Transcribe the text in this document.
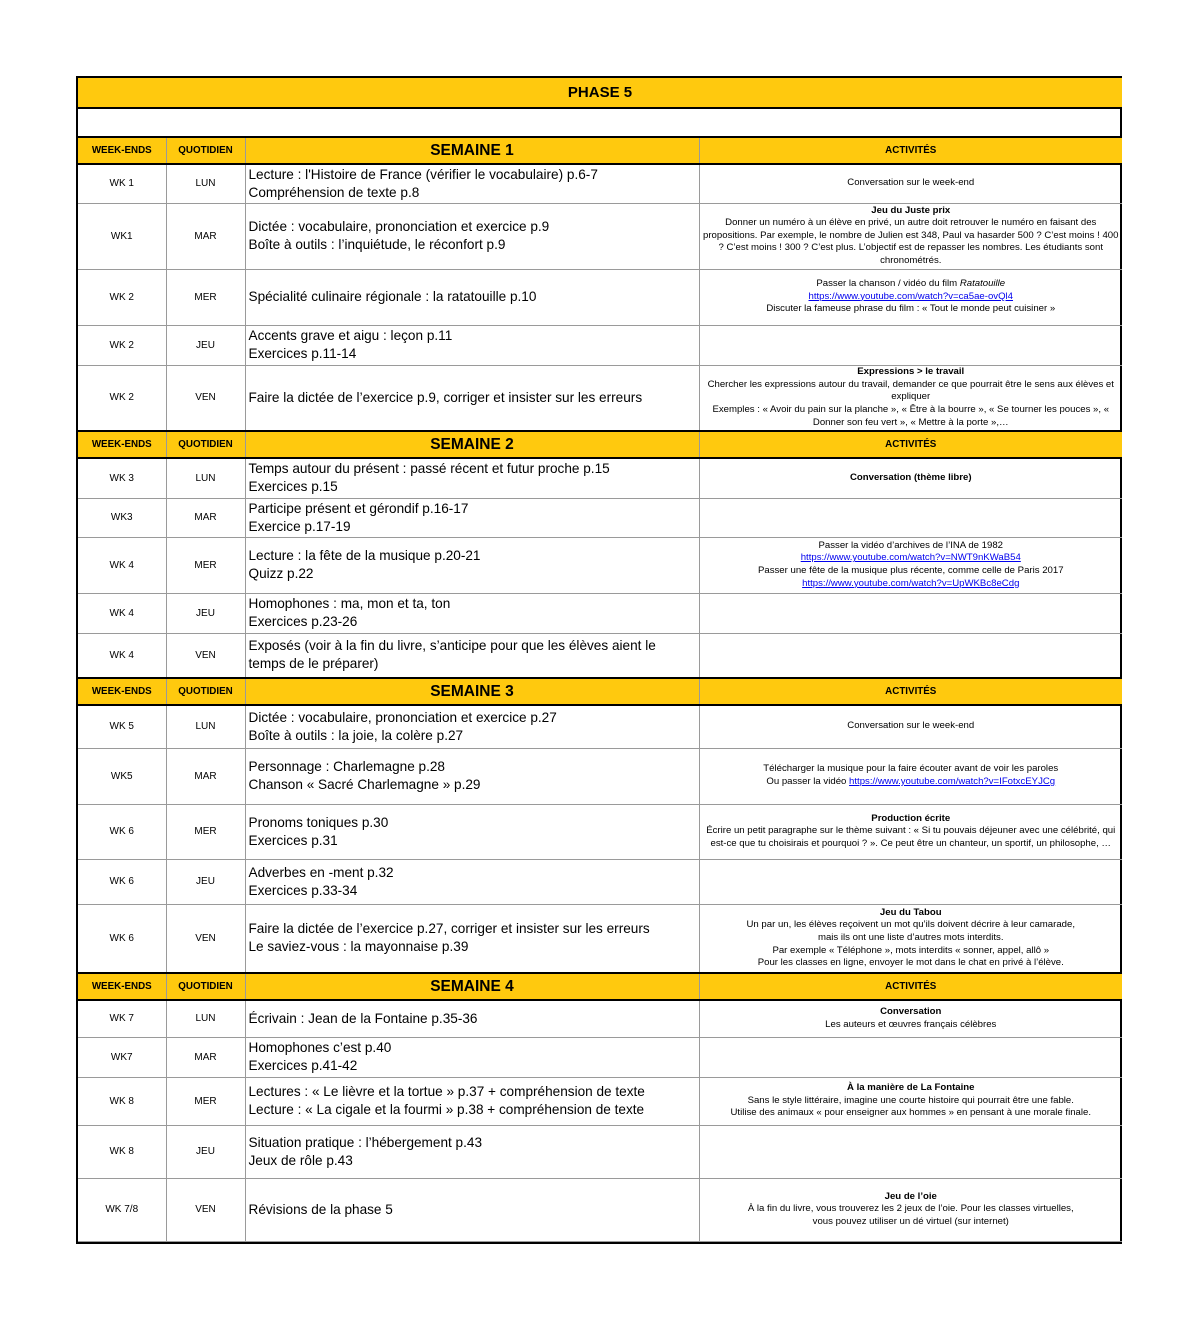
PHASE 5			

WEEK-ENDS	QUOTIDIEN	SEMAINE 1	ACTIVITÉS
WK 1	LUN	Lecture : l'Histoire de France (vérifier le vocabulaire) p.6-7
Compréhension de texte p.8	Conversation sur le week-end

WK1	MAR	Dictée : vocabulaire, prononciation et exercice p.9
Boîte à outils : l’inquiétude, le réconfort p.9	Jeu du Juste prix
Donner un numéro à un élève en privé, un autre doit retrouver le numéro en faisant des propositions. Par exemple, le nombre de Julien est 348, Paul va hasarder 500 ? C’est moins ! 400 ? C’est moins ! 300 ? C’est plus. L’objectif est de repasser les nombres. Les étudiants sont chronométrés.

WK 2	MER	Spécialité culinaire régionale : la ratatouille p.10	Passer la chanson / vidéo du film Ratatouille
https://www.youtube.com/watch?v=ca5ae-ovQl4
Discuter la fameuse phrase du film : « Tout le monde peut cuisiner »

WK 2	JEU	Accents grave et aigu : leçon p.11
Exercices p.11-14	

WK 2	VEN	Faire la dictée de l’exercice p.9, corriger et insister sur les erreurs	Expressions > le travail
Chercher les expressions autour du travail, demander ce que pourrait être le sens aux élèves et expliquer
Exemples : « Avoir du pain sur la planche », « Être à la bourre », « Se tourner les pouces », « Donner son feu vert », « Mettre à la porte »,…

WEEK-ENDS	QUOTIDIEN	SEMAINE 2	ACTIVITÉS
WK 3	LUN	Temps autour du présent : passé récent et futur proche p.15
Exercices p.15	Conversation (thème libre)

WK3	MAR	Participe présent et gérondif p.16-17
Exercice p.17-19	

WK 4	MER	Lecture : la fête de la musique p.20-21
Quizz p.22	Passer la vidéo d’archives de l’INA de 1982
https://www.youtube.com/watch?v=NWT9nKWaB54
Passer une fête de la musique plus récente, comme celle de Paris 2017
https://www.youtube.com/watch?v=UpWKBc8eCdg

WK 4	JEU	Homophones : ma, mon et ta, ton
Exercices p.23-26	

WK 4	VEN	Exposés (voir à la fin du livre, s’anticipe pour que les élèves aient le temps de le préparer)	

WEEK-ENDS	QUOTIDIEN	SEMAINE 3	ACTIVITÉS
WK 5	LUN	Dictée : vocabulaire, prononciation et exercice p.27
Boîte à outils : la joie, la colère p.27	Conversation sur le week-end

WK5	MAR	Personnage : Charlemagne p.28
Chanson « Sacré Charlemagne » p.29	Télécharger la musique pour la faire écouter avant de voir les paroles
Ou passer la vidéo https://www.youtube.com/watch?v=IFotxcEYJCg

WK 6	MER	Pronoms toniques p.30
Exercices p.31	Production écrite
Écrire un petit paragraphe sur le thème suivant : « Si tu pouvais déjeuner avec une célébrité, qui est-ce que tu choisirais et pourquoi ? ». Ce peut être un chanteur, un sportif, un philosophe, …

WK 6	JEU	Adverbes en -ment p.32
Exercices p.33-34	

WK 6	VEN	Faire la dictée de l’exercice p.27, corriger et insister sur les erreurs
Le saviez-vous : la mayonnaise p.39	Jeu du Tabou
Un par un, les élèves reçoivent un mot qu’ils doivent décrire à leur camarade,
mais ils ont une liste d’autres mots interdits.
Par exemple « Téléphone », mots interdits « sonner, appel, allô »
Pour les classes en ligne, envoyer le mot dans le chat en privé à l’élève.

WEEK-ENDS	QUOTIDIEN	SEMAINE 4	ACTIVITÉS
WK 7	LUN	Écrivain : Jean de la Fontaine p.35-36	Conversation
Les auteurs et œuvres français célèbres

WK7	MAR	Homophones c’est p.40
Exercices p.41-42	

WK 8	MER	Lectures : « Le lièvre et la tortue » p.37 + compréhension de texte
Lecture : « La cigale et la fourmi » p.38 + compréhension de texte	À la manière de La Fontaine
Sans le style littéraire, imagine une courte histoire qui pourrait être une fable.
Utilise des animaux « pour enseigner aux hommes » en pensant à une morale finale.

WK 8	JEU	Situation pratique : l’hébergement p.43
Jeux de rôle p.43	

WK 7/8	VEN	Révisions de la phase 5	Jeu de l’oie
À la fin du livre, vous trouverez les 2 jeux de l’oie. Pour les classes virtuelles,
vous pouvez utiliser un dé virtuel (sur internet)
